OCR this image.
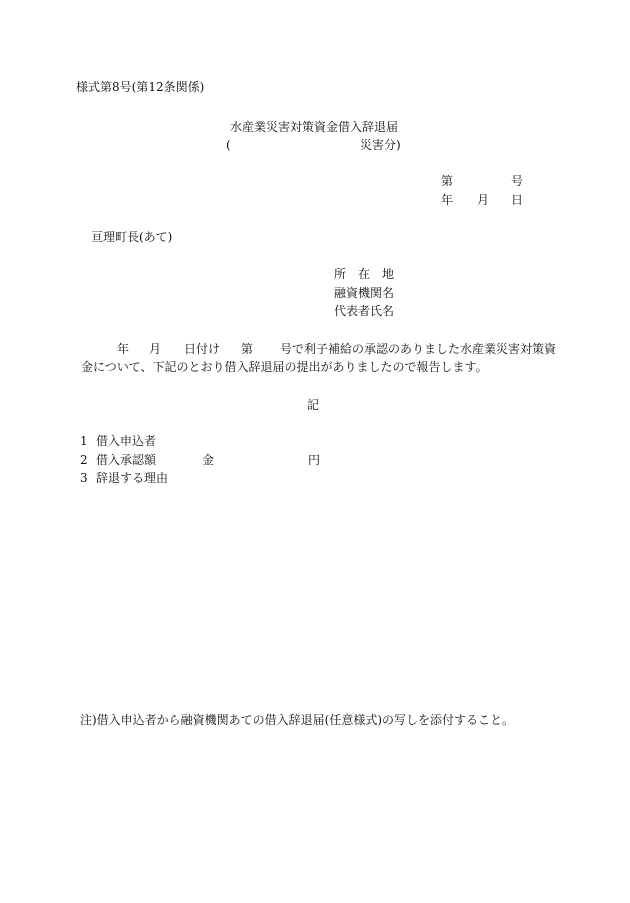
様式第8号(第12条関係)
水産業災害対策資金借入辞退届
(	災害分)
第	号
年 月 日
亘理町長(あて)
所　在　地
融資機関名
代表者氏名
年 月 日付け 第 号で利子補給の承認のありました水産業災害対策資
金について、下記のとおり借入辞退届の提出がありましたので報告します。
記
1 借入申込者
2 借入承認額	金	円
3 辞退する理由
注)借入申込者から融資機関あての借入辞退届(任意様式)の写しを添付すること。
